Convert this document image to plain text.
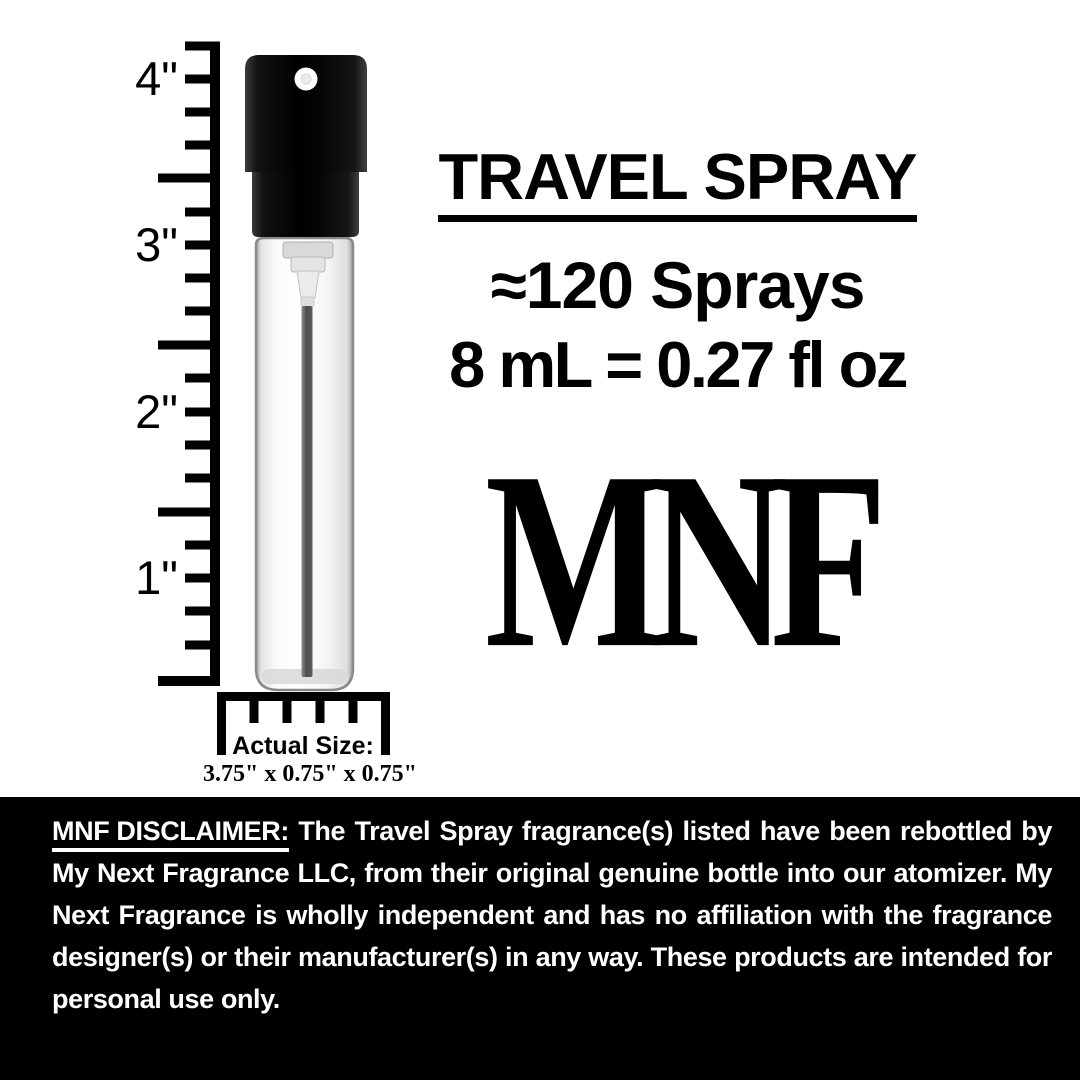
4"
3"
2"
1"
TRAVEL SPRAY
≈120 Sprays
8 mL = 0.27 fl oz
MNF
Actual Size:
3.75" x 0.75" x 0.75"

MNF DISCLAIMER: The Travel Spray fragrance(s) listed have been rebottled by My Next Fragrance LLC, from their original genuine bottle into our atomizer. My Next Fragrance is wholly independent and has no affiliation with the fragrance designer(s) or their manufacturer(s) in any way. These products are intended for personal use only.
